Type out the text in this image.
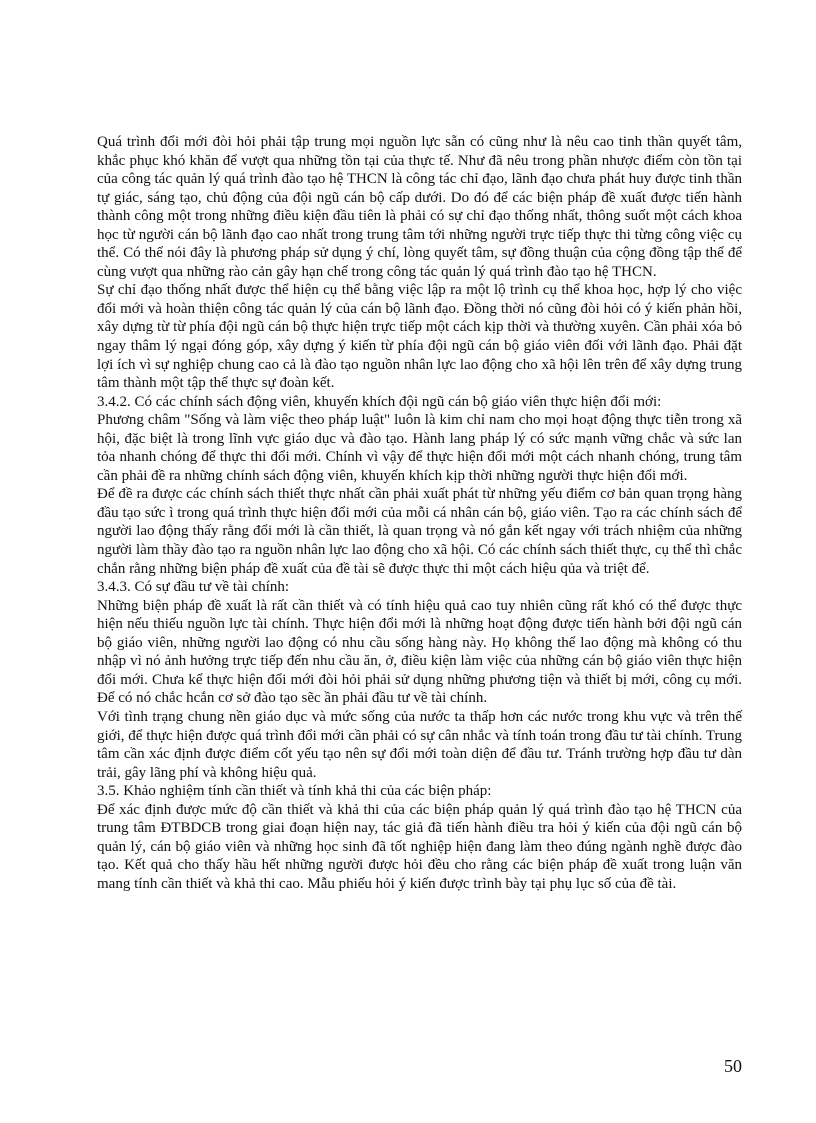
Quá trình đổi mới đòi hỏi phải tập trung mọi nguồn lực sẵn có cũng như là nêu cao tinh thần quyết tâm, khắc phục khó khăn để vượt qua những tồn tại của thực tế. Như đã nêu trong phần nhược điểm còn tồn tại của công tác quản lý quá trình đào tạo hệ THCN là công tác chỉ đạo, lãnh đạo chưa phát huy được tinh thần tự giác, sáng tạo, chủ động của đội ngũ cán bộ cấp dưới. Do đó để các biện pháp đề xuất được tiến hành thành công một trong những điều kiện đầu tiên là phải có sự chỉ đạo thống nhất, thông suốt một cách khoa học từ người cán bộ lãnh đạo cao nhất trong trung tâm tới những người trực tiếp thực thi từng công việc cụ thể. Có thể nói đây là phương pháp sử dụng ý chí, lòng quyết tâm, sự đồng thuận của cộng đồng tập thể để cùng vượt qua những rào cản gây hạn chế trong công tác quản lý quá trình đào tạo hệ THCN.

Sự chỉ đạo thống nhất được thể hiện cụ thể bằng việc lập ra một lộ trình cụ thể khoa học, hợp lý cho việc đổi mới và hoàn thiện công tác quản lý của cán bộ lãnh đạo. Đồng thời nó cũng đòi hỏi có ý kiến phản hồi, xây dựng từ từ phía đội ngũ cán bộ thực hiện trực tiếp một cách kịp thời và thường xuyên. Cần phải xóa bỏ ngay thâm lý ngại đóng góp, xây dựng ý kiến từ phía đội ngũ cán bộ giáo viên đối với lãnh đạo. Phải đặt lợi ích vì sự nghiệp chung cao cả là đào tạo nguồn nhân lực lao động cho xã hội lên trên để xây dựng trung tâm thành một tập thể thực sự đoàn kết.

3.4.2. Có các chính sách động viên, khuyến khích đội ngũ cán bộ giáo viên thực hiện đổi mới:

Phương châm "Sống và làm việc theo pháp luật" luôn là kim chỉ nam cho mọi hoạt động thực tiễn trong xã hội, đặc biệt là trong lĩnh vực giáo dục và đào tạo. Hành lang pháp lý có sức mạnh vững chắc và sức lan tỏa nhanh chóng để thực thi đổi mới. Chính vì vậy để thực hiện đổi mới một cách nhanh chóng, trung tâm cần phải đề ra những chính sách động viên, khuyến khích kịp thời những người thực hiện đổi mới.

Để đề ra được các chính sách thiết thực nhất cần phải xuất phát từ những yếu điểm cơ bản quan trọng hàng đầu tạo sức ì trong quá trình thực hiện đổi mới của mỗi cá nhân cán bộ, giáo viên. Tạo ra các chính sách để người lao động thấy rằng đổi mới là cần thiết, là quan trọng và nó gắn kết ngay với trách nhiệm của những người làm thầy đào tạo ra nguồn nhân lực lao động cho xã hội. Có các chính sách thiết thực, cụ thể thì chắc chắn rằng những biện pháp đề xuất của đề tài sẽ được thực thi một cách hiệu qủa và triệt để.

3.4.3. Có sự đầu tư về tài chính:

Những biện pháp đề xuất là rất cần thiết và có tính hiệu quả cao tuy nhiên cũng rất khó có thể được thực hiện nếu thiếu nguồn lực tài chính. Thực hiện đổi mới là những hoạt động được tiến hành bởi đội ngũ cán bộ giáo viên, những người lao động có nhu cầu sống hàng này. Họ không thể lao động mà không có thu nhập vì nó ảnh hưởng trực tiếp đến nhu cầu ăn, ở, điều kiện làm việc của những cán bộ giáo viên thực hiện đổi mới. Chưa kể thực hiện đổi mới đòi hỏi phải sử dụng những phương tiện và thiết bị mới, công cụ mới. Để có nó chắc hcắn cơ sở đào tạo sẽc ần phải đầu tư về tài chính.

Với tình trạng chung nền giáo dục và mức sống của nước ta thấp hơn các nước trong khu vực và trên thế giới, để thực hiện được quá trình đổi mới cần phải có sự cân nhắc và tính toán trong đầu tư tài chính. Trung tâm cần xác định được điểm cốt yếu tạo nên sự đổi mới toàn diện để đầu tư. Tránh trường hợp đầu tư dàn trải, gây lãng phí và không hiệu quả.

3.5. Khảo nghiệm tính cần thiết và tính khả thi của các biện pháp:

Để xác định được mức độ cần thiết và khả thi của các biện pháp quản lý quá trình đào tạo hệ THCN của trung tâm ĐTBDCB trong giai đoạn hiện nay, tác giả đã tiến hành điều tra hỏi ý kiến của đội ngũ cán bộ quản lý, cán bộ giáo viên và những học sinh đã tốt nghiệp hiện đang làm theo đúng ngành nghề được đào tạo. Kết quả cho thấy hầu hết những người được hỏi đều cho rằng các biện pháp đề xuất trong luận văn mang tính cần thiết và khả thi cao. Mẫu phiếu hỏi ý kiến được trình bày tại phụ lục số của đề tài.

50
